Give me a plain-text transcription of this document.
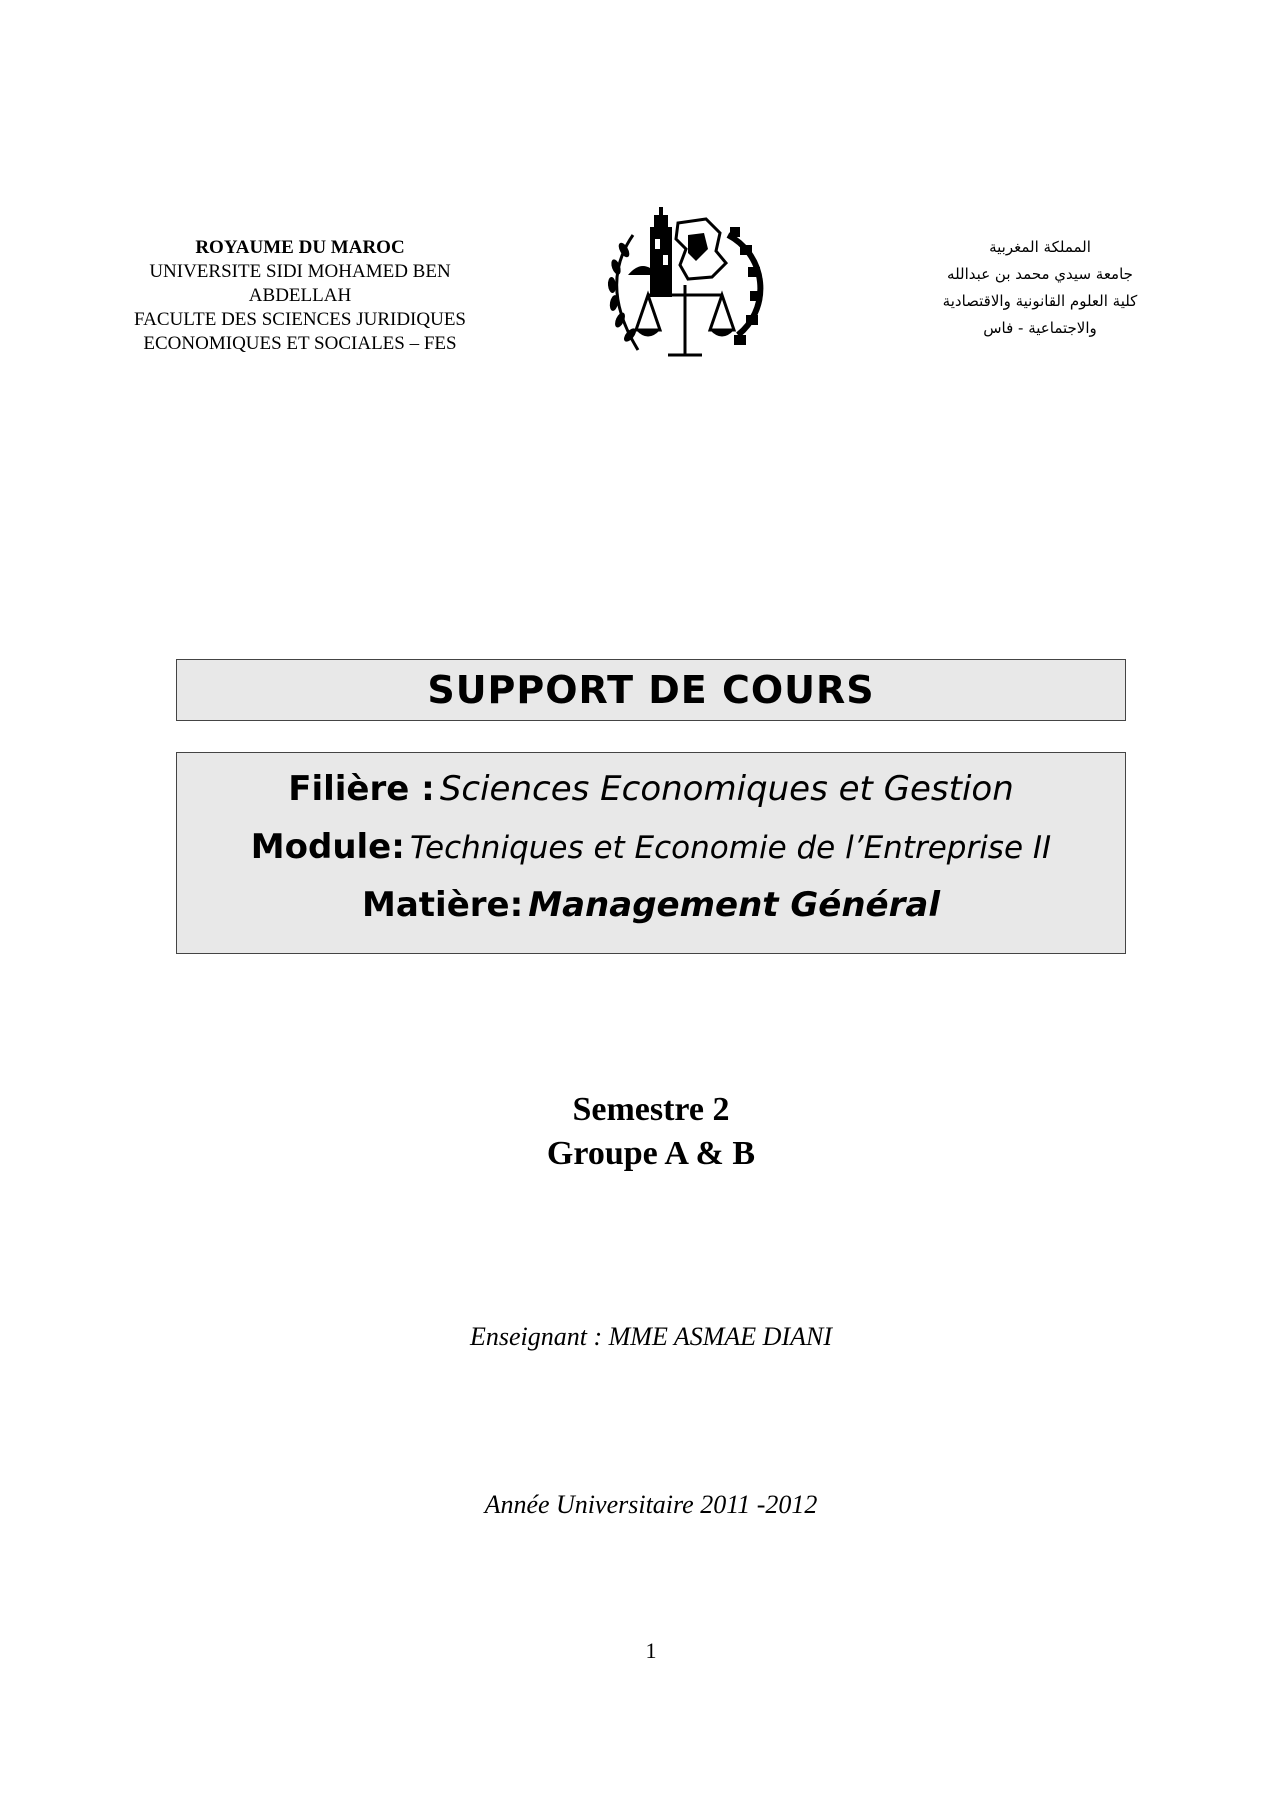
ROYAUME DU MAROC
UNIVERSITE SIDI MOHAMED BEN ABDELLAH
FACULTE DES SCIENCES JURIDIQUES
ECONOMIQUES ET SOCIALES – FES
المملكة المغربية
جامعة سيدي محمد بن عبدالله
كلية العلوم القانونية والاقتصادية
والاجتماعية - فاس
SUPPORT DE COURS
Filière : Sciences Economiques et Gestion
Module: Techniques et Economie de l’Entreprise II
Matière: Management Général
Semestre 2
Groupe A & B
Enseignant : MME ASMAE DIANI
Année Universitaire 2011 -2012
1
